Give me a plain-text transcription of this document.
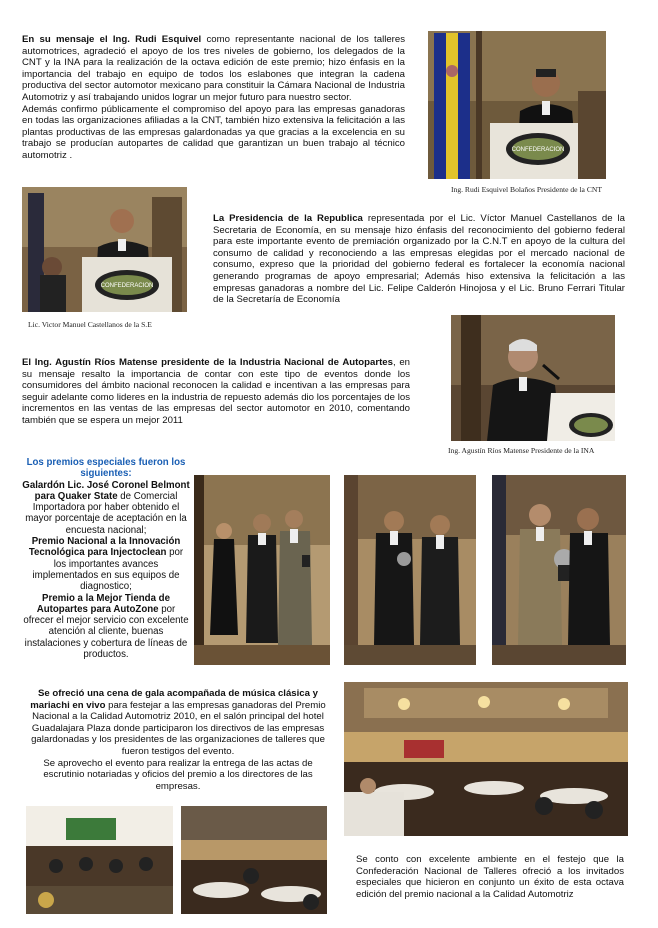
En su mensaje el Ing. Rudi Esquivel como representante nacional de los talleres automotrices, agradeció el apoyo de los tres niveles de gobierno, los delegados de la CNT y la INA para la realización de la octava edición de este premio; hizo énfasis en la importancia del trabajo en equipo de todos los eslabones que integran la cadena productiva del sector automotor mexicano para constituir la Cámara Nacional de Industria Automotriz y así trabajando unidos lograr un mejor futuro para nuestro sector.

Además confirmo públicamente el compromiso del apoyo para las empresas ganadoras en todas las organizaciones afiliadas a la CNT, también hizo extensiva la felicitación a las plantas productivas de las empresas galardonadas ya que gracias a la excelencia en su trabajo se producían autopartes de calidad que garantizan un buen trabajo al técnico automotriz .	CONFEDERACION
Ing. Rudi Esquivel Bolaños Presidente de la CNT
CONFEDERACION
Lic. Victor Manuel Castellanos de la S.E

La Presidencia de la Republica representada por el Lic. Víctor Manuel Castellanos de la Secretaria de Economía, en su mensaje hizo énfasis del reconocimiento del gobierno federal para este importante evento de premiación organizado por la C.N.T en apoyo de la cultura del consumo de calidad y reconociendo a las empresas elegidas por el mercado nacional de consumo, expreso que la prioridad del gobierno federal es fortalecer la economía nacional generando programas de apoyo empresarial; Además hiso extensiva la felicitación a las empresas ganadoras a nombre del Lic. Felipe Calderón Hinojosa y el Lic. Bruno Ferrari Titular de la Secretaría de Economía

Ing. Agustín Ríos Matense Presidente de la INA

El Ing. Agustín Ríos Matense presidente de la Industria Nacional de Autopartes, en su mensaje resalto la importancia de contar con este tipo de eventos donde los consumidores del ámbito nacional reconocen la calidad e incentivan a las empresas para seguir adelante como lideres en la industria de repuesto además dio los porcentajes de los incrementos en las ventas de las empresas del sector automotor en 2010, comentando también que se espera un mejor 2011

Los premios especiales fueron los siguientes:

Galardón Lic. José Coronel Belmont para Quaker State de Comercial Importadora por haber obtenido el mayor porcentaje de aceptación en la encuesta nacional;

Premio Nacional a la Innovación Tecnológica para Injectoclean por los importantes avances implementados en sus equipos de diagnostico;

Premio a la Mejor Tienda de Autopartes para AutoZone por ofrecer el mejor servicio con excelente atención al cliente, buenas instalaciones y cobertura de líneas de productos.

Se ofreció una cena de gala acompañada de música clásica y mariachi en vivo para festejar a las empresas ganadoras del Premio Nacional a la Calidad Automotriz 2010, en el salón principal del hotel Guadalajara Plaza donde participaron los directivos de las empresas galardonadas y los presidentes de las organizaciones de talleres que fueron testigos del evento.

Se aprovecho el evento para realizar la entrega de las actas de escrutinio notariadas y oficios del premio a los directores de las empresas.

Se conto con excelente ambiente en el festejo que la Confederación Nacional de Talleres ofreció a los invitados especiales que hicieron en conjunto un éxito de esta octava edición del premio nacional a la Calidad Automotriz
